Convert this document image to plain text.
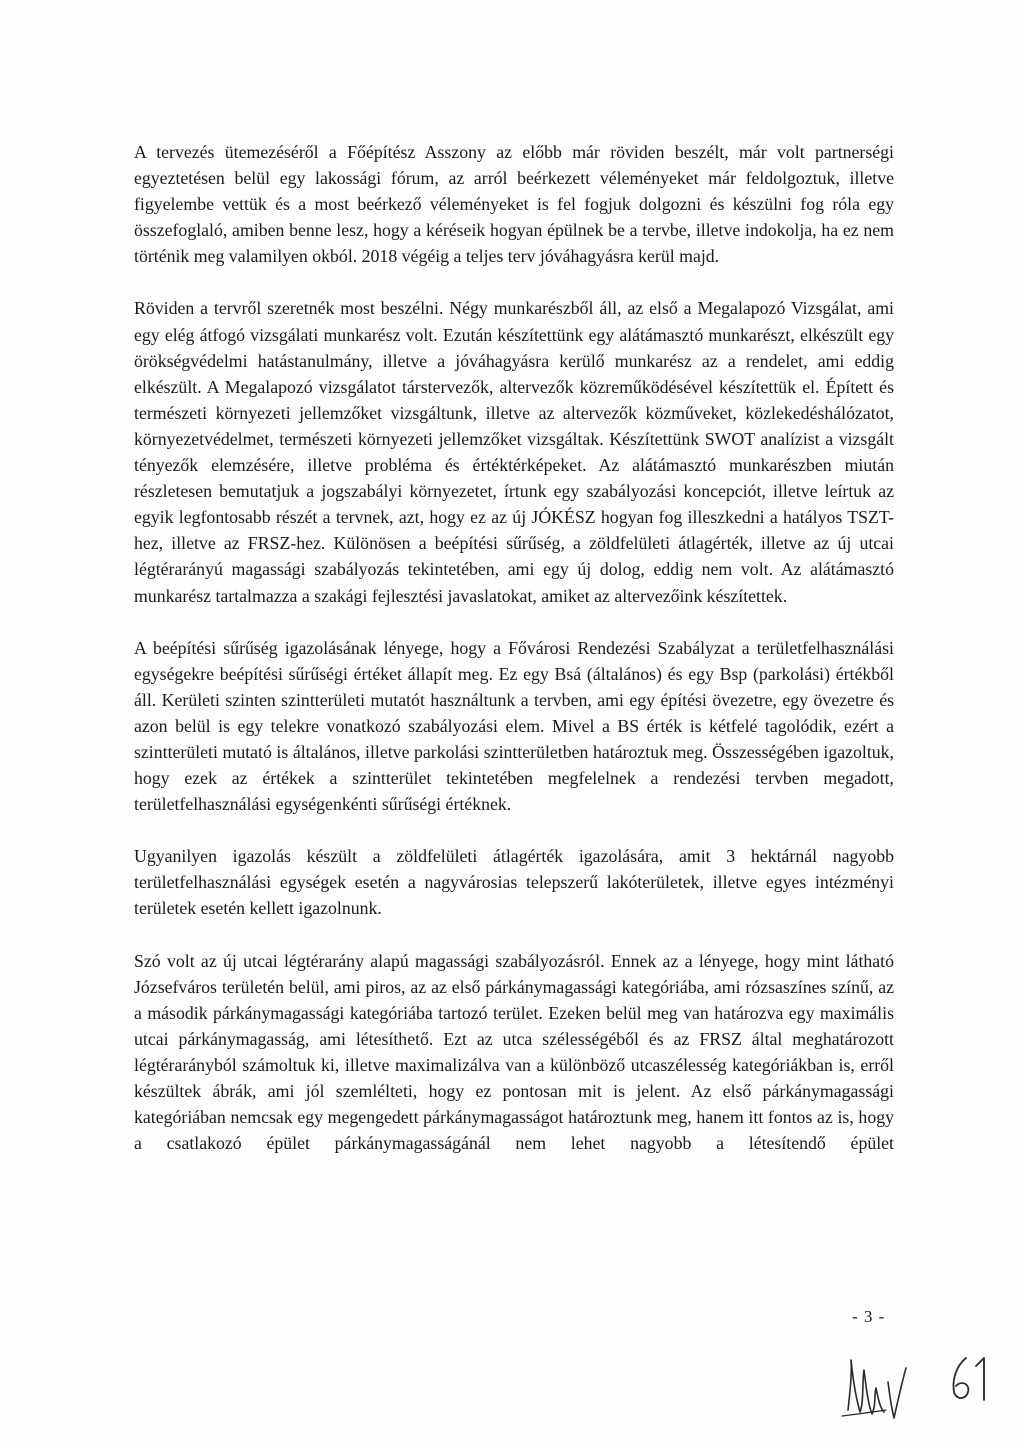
A tervezés ütemezéséről a Főépítész Asszony az előbb már röviden beszélt, már volt partnerségi egyeztetésen belül egy lakossági fórum, az arról beérkezett véleményeket már feldolgoztuk, illetve figyelembe vettük és a most beérkező véleményeket is fel fogjuk dolgozni és készülni fog róla egy összefoglaló, amiben benne lesz, hogy a kéréseik hogyan épülnek be a tervbe, illetve indokolja, ha ez nem történik meg valamilyen okból. 2018 végéig a teljes terv jóváhagyásra kerül majd.

Röviden a tervről szeretnék most beszélni. Négy munkarészből áll, az első a Megalapozó Vizsgálat, ami egy elég átfogó vizsgálati munkarész volt. Ezután készítettünk egy alátámasztó munkarészt, elkészült egy örökségvédelmi hatástanulmány, illetve a jóváhagyásra kerülő munkarész az a rendelet, ami eddig elkészült. A Megalapozó vizsgálatot társtervezők, altervezők közreműködésével készítettük el. Épített és természeti környezeti jellemzőket vizsgáltunk, illetve az altervezők közműveket, közlekedéshálózatot, környezetvédelmet, természeti környezeti jellemzőket vizsgáltak. Készítettünk SWOT analízist a vizsgált tényezők elemzésére, illetve probléma és értéktérképeket. Az alátámasztó munkarészben miután részletesen bemutatjuk a jogszabályi környezetet, írtunk egy szabályozási koncepciót, illetve leírtuk az egyik legfontosabb részét a tervnek, azt, hogy ez az új JÓKÉSZ hogyan fog illeszkedni a hatályos TSZT-hez, illetve az FRSZ-hez. Különösen a beépítési sűrűség, a zöldfelületi átlagérték, illetve az új utcai légtérarányú magassági szabályozás tekintetében, ami egy új dolog, eddig nem volt. Az alátámasztó munkarész tartalmazza a szakági fejlesztési javaslatokat, amiket az altervezőink készítettek.

A beépítési sűrűség igazolásának lényege, hogy a Fővárosi Rendezési Szabályzat a területfelhasználási egységekre beépítési sűrűségi értéket állapít meg. Ez egy Bsá (általános) és egy Bsp (parkolási) értékből áll. Kerületi szinten szintterületi mutatót használtunk a tervben, ami egy építési övezetre, egy övezetre és azon belül is egy telekre vonatkozó szabályozási elem. Mivel a BS érték is kétfelé tagolódik, ezért a szintterületi mutató is általános, illetve parkolási szintterületben határoztuk meg. Összességében igazoltuk, hogy ezek az értékek a szintterület tekintetében megfelelnek a rendezési tervben megadott, területfelhasználási egységenkénti sűrűségi értéknek.

Ugyanilyen igazolás készült a zöldfelületi átlagérték igazolására, amit 3 hektárnál nagyobb területfelhasználási egységek esetén a nagyvárosias telepszerű lakóterületek, illetve egyes intézményi területek esetén kellett igazolnunk.

Szó volt az új utcai légtérarány alapú magassági szabályozásról. Ennek az a lényege, hogy mint látható Józsefváros területén belül, ami piros, az az első párkánymagassági kategóriába, ami rózsaszínes színű, az a második párkánymagassági kategóriába tartozó terület. Ezeken belül meg van határozva egy maximális utcai párkánymagasság, ami létesíthető. Ezt az utca szélességéből és az FRSZ által meghatározott légtérarányból számoltuk ki, illetve maximalizálva van a különböző utcaszélesség kategóriákban is, erről készültek ábrák, ami jól szemlélteti, hogy ez pontosan mit is jelent. Az első párkánymagassági kategóriában nemcsak egy megengedett párkánymagasságot határoztunk meg, hanem itt fontos az is, hogy a csatlakozó épület párkánymagasságánál nem lehet nagyobb a létesítendő épület

- 3 -
